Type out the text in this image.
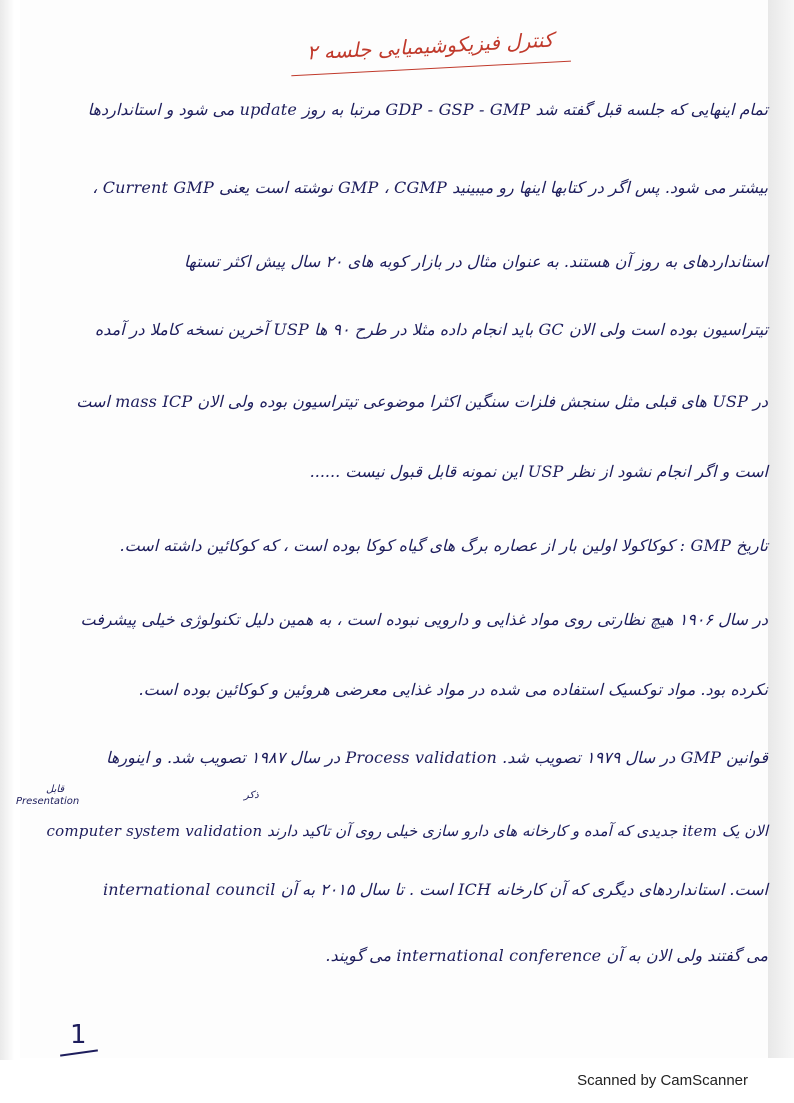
کنترل فیزیکوشیمیایی جلسه ۲
تمام اینهایی که جلسه قبل گفته شد GDP - GSP - GMP مرتبا به روز update می شود و استانداردها
بیشتر می شود. پس اگر در کتابها اینها رو میبینید GMP ، CGMP نوشته است یعنی Current GMP ،
استانداردهای به روز آن هستند. به عنوان مثال در بازار کوبه های ۲۰ سال پیش اکثر تستها
تیتراسیون بوده است ولی الان GC باید انجام داده مثلا در طرح ۹۰ ها USP آخرین نسخه کاملا در آمده
در USP های قبلی مثل سنجش فلزات سنگین اکثرا موضوعی تیتراسیون بوده ولی الان mass ICP است
است و اگر انجام نشود از نظر USP این نمونه قابل قبول نیست ......
تاریخ GMP : کوکاکولا اولین بار از عصاره برگ های گیاه کوکا بوده است ، که کوکائین داشته است.
در سال ۱۹۰۶ هیچ نظارتی روی مواد غذایی و دارویی نبوده است ، به همین دلیل تکنولوژی خیلی پیشرفت
نکرده بود. مواد توکسیک استفاده می شده در مواد غذایی معرضی هروئین و کوکائین بوده است.
قوانین GMP در سال ۱۹۷۹ تصویب شد. Process validation در سال ۱۹۸۷ تصویب شد. و اینورها
الان یک item جدیدی که آمده و کارخانه های دارو سازی خیلی روی آن تاکید دارند computer system validation
است. استانداردهای دیگری که آن کارخانه ICH است . تا سال ۲۰۱۵ به آن international council
می گفتند ولی الان به آن international conference می گویند.
Presentation
قابل
ذکر
1
Scanned by CamScanner
